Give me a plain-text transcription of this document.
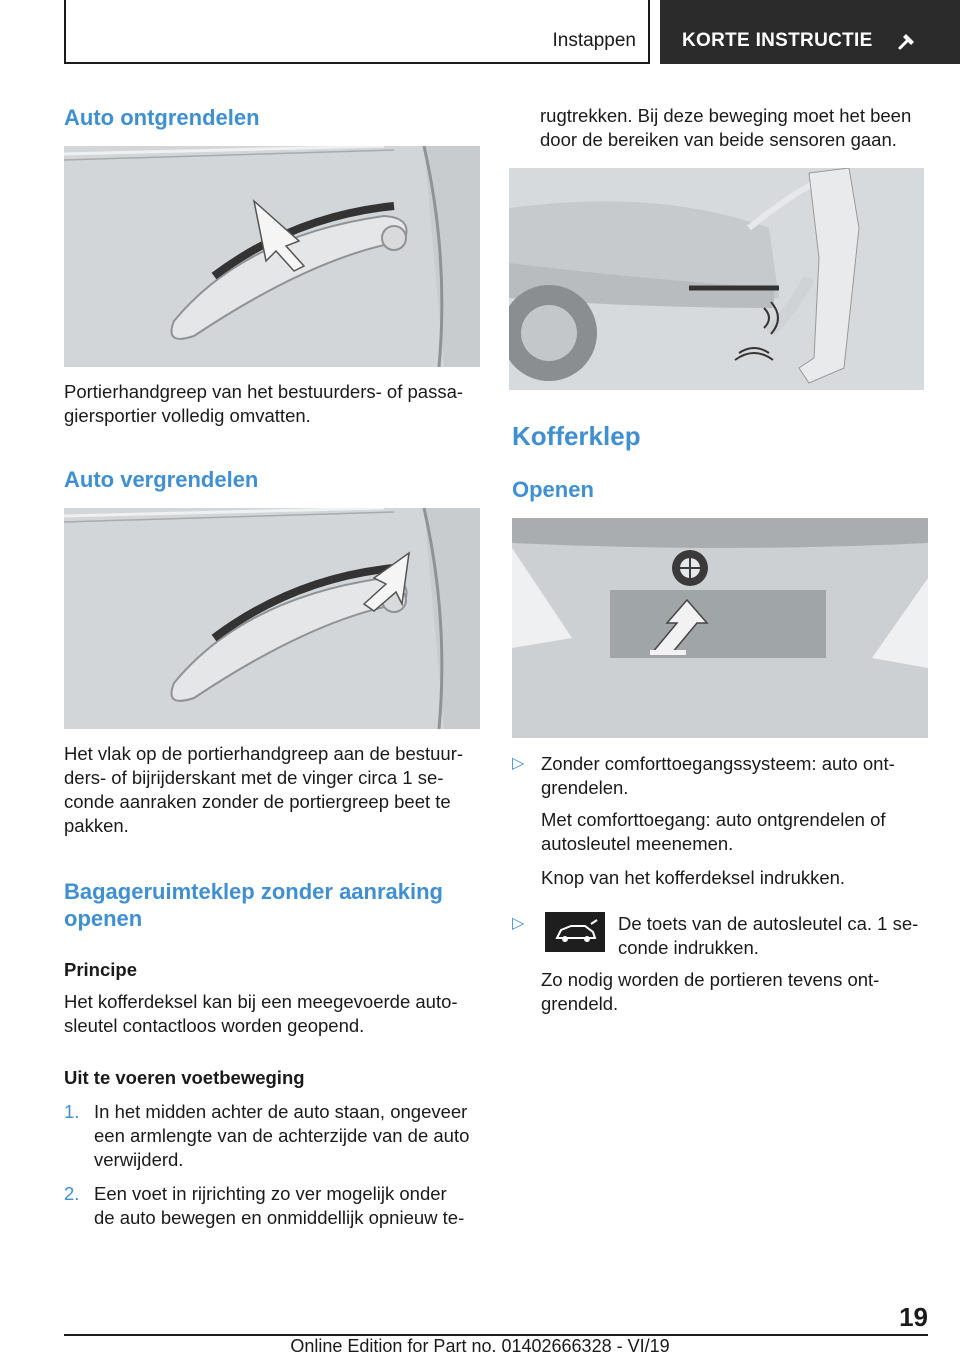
Instappen KORTE INSTRUCTIE
Auto ontgrendelen
Portierhandgreep van het bestuurders- of passa-
giersportier volledig omvatten.
Auto vergrendelen
Het vlak op de portierhandgreep aan de bestuur-
ders- of bijrijderskant met de vinger circa 1 se-
conde aanraken zonder de portiergreep beet te
pakken.
Bagageruimteklep zonder aanraking
openen
Principe
Het kofferdeksel kan bij een meegevoerde auto-
sleutel contactloos worden geopend.
Uit te voeren voetbeweging
1. In het midden achter de auto staan, ongeveer
een armlengte van de achterzijde van de auto
verwijderd.
2. Een voet in rijrichting zo ver mogelijk onder
de auto bewegen en onmiddellijk opnieuw te-
rugtrekken. Bij deze beweging moet het been
door de bereiken van beide sensoren gaan.
Kofferklep
Openen
▷ Zonder comforttoegangssysteem: auto ont-
grendelen.
Met comforttoegang: auto ontgrendelen of
autosleutel meenemen.
Knop van het kofferdeksel indrukken.
▷	De toets van de autosleutel ca. 1 se-
conde indrukken.
Zo nodig worden de portieren tevens ont-
grendeld.
19
Online Edition for Part no. 01402666328 - VI/19
